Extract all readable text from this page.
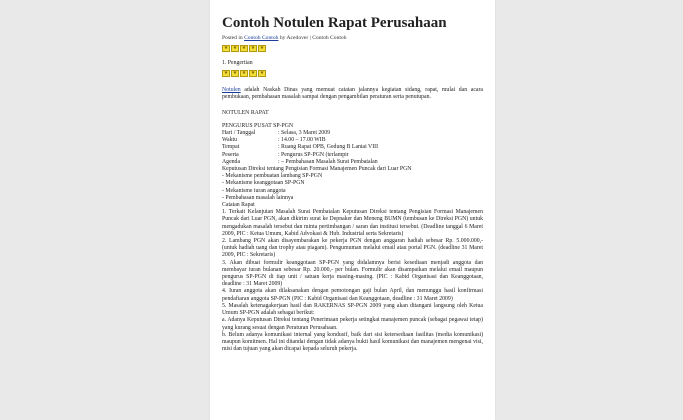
Contoh Notulen Rapat Perusahaan
Posted in Contoh Contoh by Acedover | Contoh Contoh
★ ★ ★ ★ ★
1. Pengertian
★ ★ ★ ★ ★

Notulen adalah Naskah Dinas yang memuat catatan jalannya kegiatan sidang, rapat, mulai dan acara pembukaan, pembahasan masalah sampai dengan pengambilan peraturan serta penutupan.

NOTULEN RAPAT
PENGURUS PUSAT SP-PGN
Hari / Tanggal	: Selasa, 3 Maret 2009
Waktu	: 14.00 – 17.00 WIB
Tempat	: Ruang Rapat OPB, Gedung B Lantai VIII
Peserta	: Pengurus SP-PGN (terlampir
Agenda	: – Pembahasan Masalah Surat Pembatalan
Keputusan Direksi tentang Pengisian Formasi Manajemen Puncak dari Luar PGN
- Mekanisme pembuatan lambang SP-PGN
- Mekanisme keanggotaan SP-PGN
- Mekanisme iuran anggota
- Pembahasan masalah lainnya
Catatan Rapat
1. Terkait Kelanjutan Masalah Surat Pembatalan Keputusan Direksi tentang Pengisian Formasi Manajemen Puncak dari Luar PGN, akan dikirim surat ke Depnaker dan Meneng BUMN (tembusan ke Direksi PGN) untuk mengadukan masalah tersebut dan minta pertimbangan / saran dan institusi tersebut. (Deadline tanggal 6 Maret 2009, PIC : Ketua Umum, Kabid Advokasi & Hub. Industrial serta Sekretaris)
2. Lambang PGN akan disayembarakan ke pekerja PGN dengan anggaran hadiah sebesar Rp. 5.000.000,- (untuk hadiah uang dan trophy atau piagam). Pengumuman melalui email atau portal PGN. (deadline 31 Maret 2009, PIC : Sekretaris)
3. Akan dibuat formulir keanggotaan SP-PGN yang didalamnya berisi kesediaan menjadi anggota dan membayar iuran bulanan sebesar Rp. 20.000,- per bulan. Formulir akan disampaikan melalui email maupun pengurus SP-PGN di tiap unit / satuan kerja masing-masing. (PIC : Kabid Organisasi dan Keanggotaan, deadline : 31 Maret 2009)
4. Iuran anggota akan dilaksanakan dengan pemotongan gaji bulan April, dan menunggu hasil konfirmasi pendaftaran anggota SP-PGN (PIC : Kabid Organisasi dan Keanggotaan, deadline : 31 Maret 2009)
5. Masalah ketenagakerjaan hasil dan RAKERNAS SP-PGN 2009 yang akan ditangani langsung oleh Ketua Umum SP-PGN adalah sebagai berikut:
a. Adanya Keputusan Direksi tentang Penerimaan pekerja setingkat manajemen puncak (sebagai pegawai tetap) yang kurang sesuai dengan Peraturan Perusahaan.
b. Belum adanya komunikasi internal yang kondusif, baik dari sisi ketersediaan fasilitas (media komunikasi) maupun komitmen. Hal ini ditandai dengan tidak adanya bukti hasil komunikasi dan manajemen mengenai visi, misi dan tujuan yang akan dicapai kepada seluruh pekerja.
